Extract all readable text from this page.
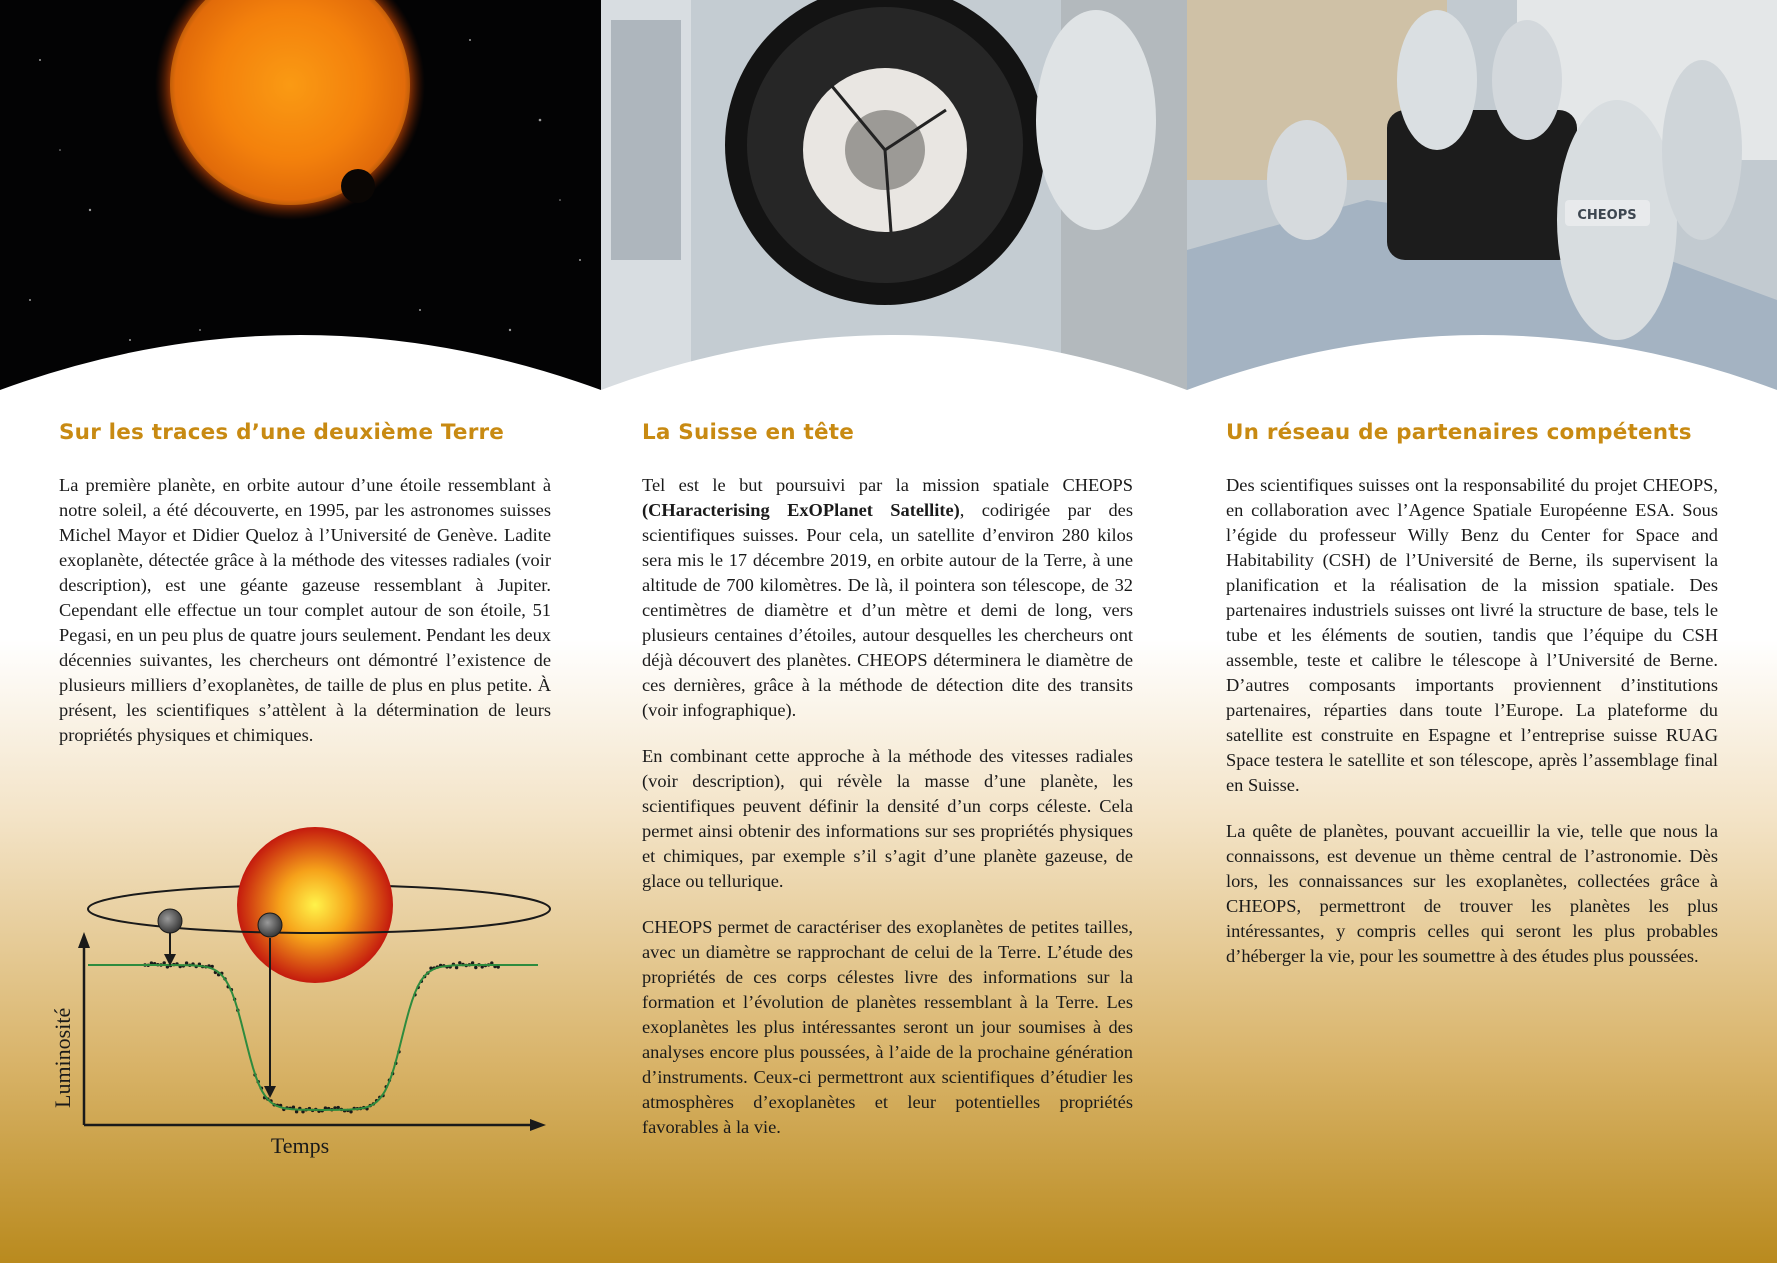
CHEOPS
Sur les traces d’une deuxième Terre

La première planète, en orbite autour d’une étoile ressemblant à notre soleil, a été découverte, en 1995, par les astronomes suisses Michel Mayor et Didier Queloz à l’Université de Genève. Ladite exoplanète, détectée grâce à la méthode des vitesses radiales (voir description), est une géante gazeuse ressemblant à Jupiter. Cependant elle effectue un tour complet autour de son étoile, 51 Pegasi, en un peu plus de quatre jours seulement. Pendant les deux décennies suivantes, les chercheurs ont démontré l’existence de plusieurs milliers d’exoplanètes, de taille de plus en plus petite. À présent, les scientifiques s’attèlent à la détermination de leurs propriétés physiques et chimiques.

Luminosité
Temps
La Suisse en tête

Tel est le but poursuivi par la mission spatiale CHEOPS (CHaracterising ExOPlanet Satellite), codirigée par des scientifiques suisses. Pour cela, un satellite d’environ 280 kilos sera mis le 17 décembre 2019, en orbite autour de la Terre, à une altitude de 700 kilomètres. De là, il pointera son télescope, de 32 centimètres de diamètre et d’un mètre et demi de long, vers plusieurs centaines d’étoiles, autour desquelles les chercheurs ont déjà découvert des planètes. CHEOPS déterminera le diamètre de ces dernières, grâce à la méthode de détection dite des transits (voir infographique).

En combinant cette approche à la méthode des vitesses radiales (voir description), qui révèle la masse d’une planète, les scientifiques peuvent définir la densité d’un corps céleste. Cela permet ainsi obtenir des informations sur ses propriétés physiques et chimiques, par exemple s’il s’agit d’une planète gazeuse, de glace ou tellurique.

CHEOPS permet de caractériser des exoplanètes de petites tailles, avec un diamètre se rapprochant de celui de la Terre. L’étude des propriétés de ces corps célestes livre des informations sur la formation et l’évolution de planètes ressemblant à la Terre. Les exoplanètes les plus intéressantes seront un jour soumises à des analyses encore plus poussées, à l’aide de la prochaine génération d’instruments. Ceux-ci permettront aux scientifiques d’étudier les atmosphères d’exoplanètes et leur potentielles propriétés favorables à la vie.

Un réseau de partenaires compétents

Des scientifiques suisses ont la responsabilité du projet CHEOPS, en collaboration avec l’Agence Spatiale Européenne ESA. Sous l’égide du professeur Willy Benz du Center for Space and Habitability (CSH) de l’Université de Berne, ils supervisent la planification et la réalisation de la mission spatiale. Des partenaires industriels suisses ont livré la structure de base, tels le tube et les éléments de soutien, tandis que l’équipe du CSH assemble, teste et calibre le télescope à l’Université de Berne. D’autres composants importants proviennent d’institutions partenaires, réparties dans toute l’Europe. La plateforme du satellite est construite en Espagne et l’entreprise suisse RUAG Space testera le satellite et son télescope, après l’assemblage final en Suisse.

La quête de planètes, pouvant accueillir la vie, telle que nous la connaissons, est devenue un thème central de l’astronomie. Dès lors, les connaissances sur les exoplanètes, collectées grâce à CHEOPS, permettront de trouver les planètes les plus intéressantes, y compris celles qui seront les plus probables d’héberger la vie, pour les soumettre à des études plus poussées.
